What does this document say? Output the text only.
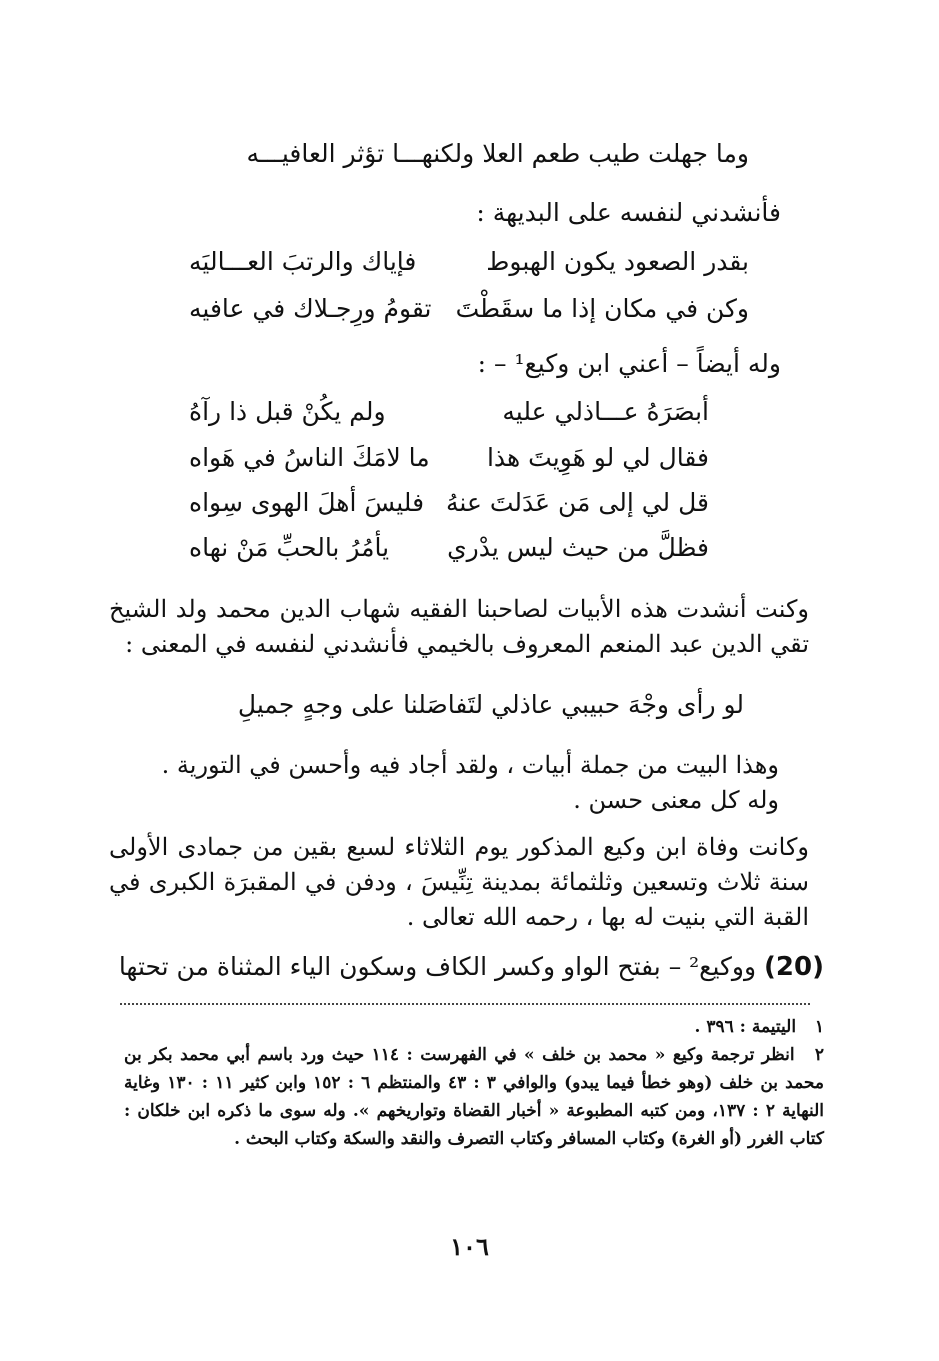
وما جهلت طيب طعم العلا ولكنهـــا تؤثر العافيـــه
فأنشدني لنفسه على البديهة :
بقدر الصعود يكون الهبوط
فإياك والرتبَ العـــاليَه
وكن في مكان إذا ما سقَطْتَ
تقومُ ورِجـلاك في عافيه
وله أيضاً – أعني ابن وكيع¹ – :
أبصَرَهُ عـــاذلي عليه
ولم يكُنْ قبل ذا رآهُ
فقال لي لو هَوِيتَ هذا
ما لامَكَ الناسُ في هَواه
قل لي إلى مَن عَدَلتَ عنهُ
فليسَ أهلَ الهوى سِواه
فظلَّ من حيث ليس يدْري
يأمُرُ بالحبِّ مَنْ نهاه
وكنت أنشدت هذه الأبيات لصاحبنا الفقيه شهاب الدين محمد ولد الشيخ تقي الدين عبد المنعم المعروف بالخيمي فأنشدني لنفسه في المعنى :
لو رأى وجْهَ حبيبي عاذلي لتَفاصَلنا على وجهٍ جميلِ
وهذا البيت من جملة أبيات ، ولقد أجاد فيه وأحسن في التورية . وله كل معنى حسن .
وكانت وفاة ابن وكيع المذكور يوم الثلاثاء لسبع بقين من جمادى الأولى سنة ثلاث وتسعين وثلثمائة بمدينة تِنِّيسَ ، ودفن في المقبرَة الكبرى في القبة التي بنيت له بها ، رحمه الله تعالى .
(20) ووكيع² – بفتح الواو وكسر الكاف وسكون الياء المثناة من تحتها
١ اليتيمة : ٣٩٦ .
٢ انظر ترجمة وكيع « محمد بن خلف » في الفهرست : ١١٤ حيث ورد باسم أبي محمد بكر بن محمد بن خلف (وهو خطأ فيما يبدو) والوافي ٣ : ٤٣ والمنتظم ٦ : ١٥٢ وابن كثير ١١ : ١٣٠ وغاية النهاية ٢ : ١٣٧، ومن كتبه المطبوعة « أخبار القضاة وتواريخهم ». وله سوى ما ذكره ابن خلكان : كتاب الغرر (أو الغرة) وكتاب المسافر وكتاب التصرف والنقد والسكة وكتاب البحث .
١٠٦
